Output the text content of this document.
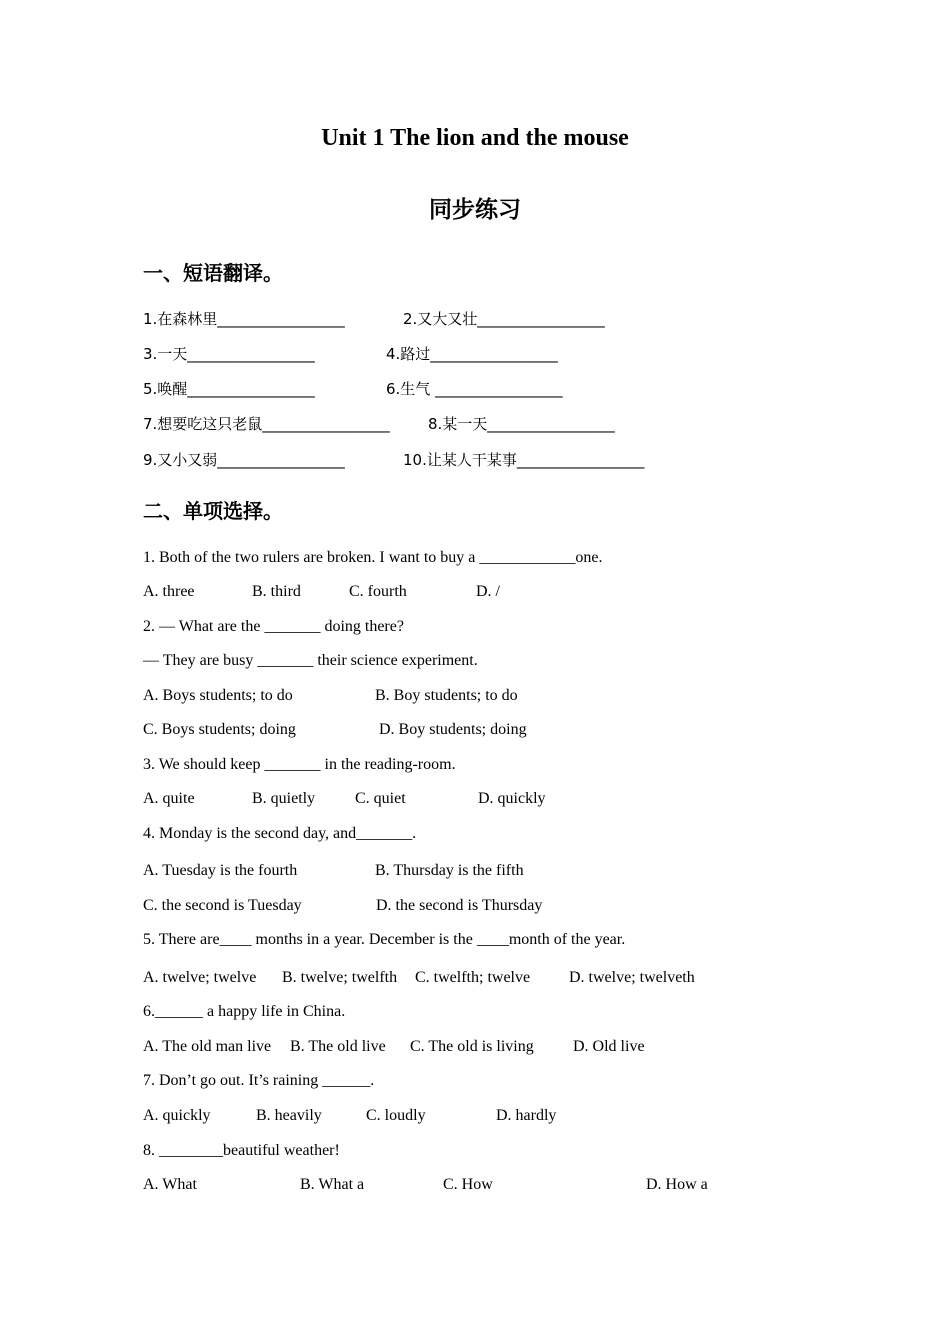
Unit 1 The lion and the mouse
同步练习
一、短语翻译。
1.在森林里_________________	2.又大又壮_________________
3.一天_________________	4.路过_________________
5.唤醒_________________	6.生气 _________________
7.想要吃这只老鼠_________________	8.某一天_________________
9.又小又弱_________________	10.让某人干某事_________________
二、单项选择。
1. Both of the two rulers are broken. I want to buy a ____________one.
A. three	B. third	C. fourth	D. /
2. — What are the _______ doing there?
— They are busy _______ their science experiment.
A. Boys students; to do	B. Boy students; to do
C. Boys students; doing	D. Boy students; doing
3. We should keep _______ in the reading-room.
A. quite	B. quietly C. quiet	D. quickly
4. Monday is the second day, and_______.
A. Tuesday is the fourth	B. Thursday is the fifth
C. the second is Tuesday	D. the second is Thursday
5. There are____ months in a year. December is the ____month of the year.
A. twelve; twelve B. twelve; twelfth C. twelfth; twelve D. twelve; twelveth
6.______ a happy life in China.
A. The old man live B. The old live C. The old is living D. Old live
7. Don’t go out. It’s raining ______.
A. quickly	B. heavily	C. loudly	D. hardly
8. ________beautiful weather!
A. What	B. What a	C. How	D. How a
